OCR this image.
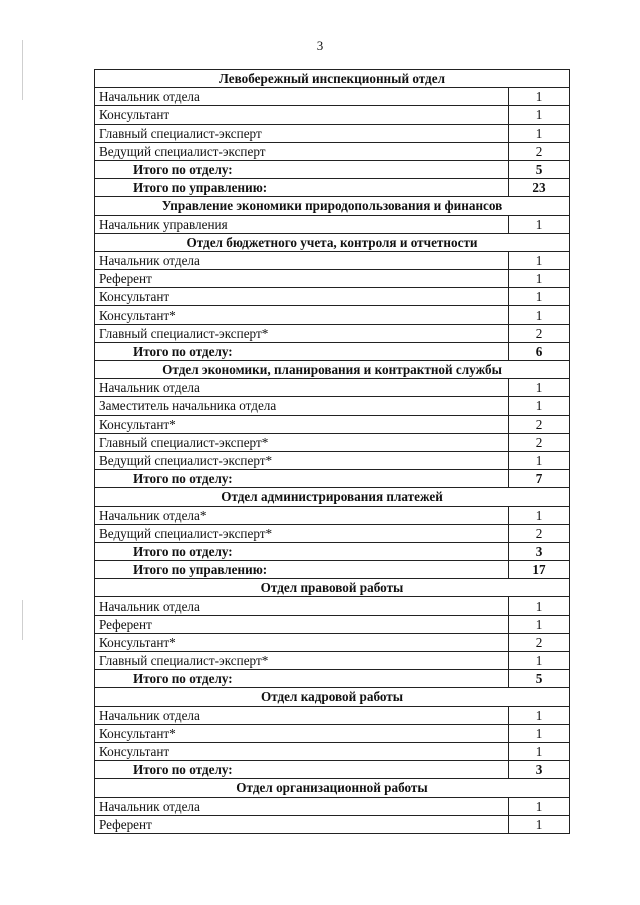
3
Левобережный инспекционный отдел	
Начальник отдела	1
Консультант	1
Главный специалист-эксперт	1
Ведущий специалист-эксперт	2
Итого по отделу:	5
Итого по управлению:	23
Управление экономики природопользования и финансов	
Начальник управления	1
Отдел бюджетного учета, контроля и отчетности	
Начальник отдела	1
Референт	1
Консультант	1
Консультант*	1
Главный специалист-эксперт*	2
Итого по отделу:	6
Отдел экономики, планирования и контрактной службы	
Начальник отдела	1
Заместитель начальника отдела	1
Консультант*	2
Главный специалист-эксперт*	2
Ведущий специалист-эксперт*	1
Итого по отделу:	7
Отдел администрирования платежей	
Начальник отдела*	1
Ведущий специалист-эксперт*	2
Итого по отделу:	3
Итого по управлению:	17
Отдел правовой работы	
Начальник отдела	1
Референт	1
Консультант*	2
Главный специалист-эксперт*	1
Итого по отделу:	5
Отдел кадровой работы	
Начальник отдела	1
Консультант*	1
Консультант	1
Итого по отделу:	3
Отдел организационной работы	
Начальник отдела	1
Референт	1
